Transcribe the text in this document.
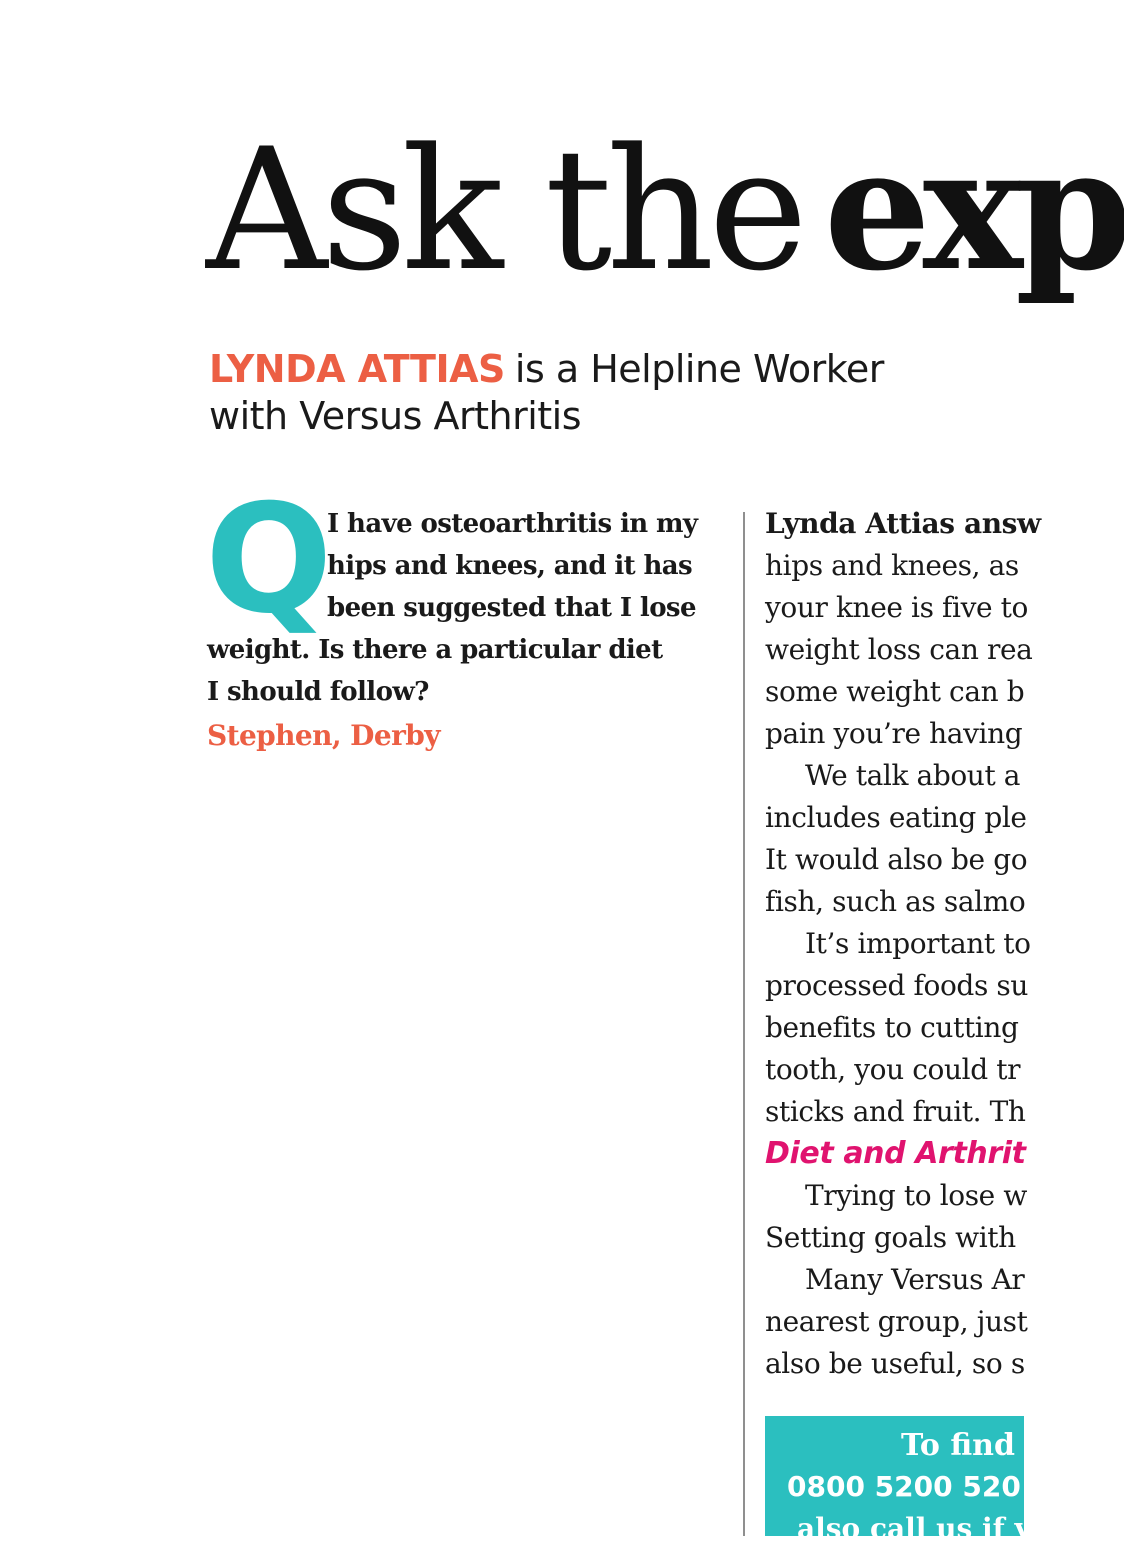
Ask the exp

LYNDA ATTIAS is a Helpline Worker
with Versus Arthritis

Q

I have osteoarthritis in my
hips and knees, and it has
been suggested that I lose
weight. Is there a particular diet
I should follow?

Stephen, Derby

Lynda Attias answ
hips and knees, as
your knee is five to
weight loss can rea
some weight can b
pain you’re having
We talk about a
includes eating ple
It would also be go
fish, such as salmo
It’s important to
processed foods su
benefits to cutting
tooth, you could tr
sticks and fruit. Th
Diet and Arthrit
Trying to lose w
Setting goals with
Many Versus Ar
nearest group, just
also be useful, so s
To find o
0800 5200 520
also call us if y
